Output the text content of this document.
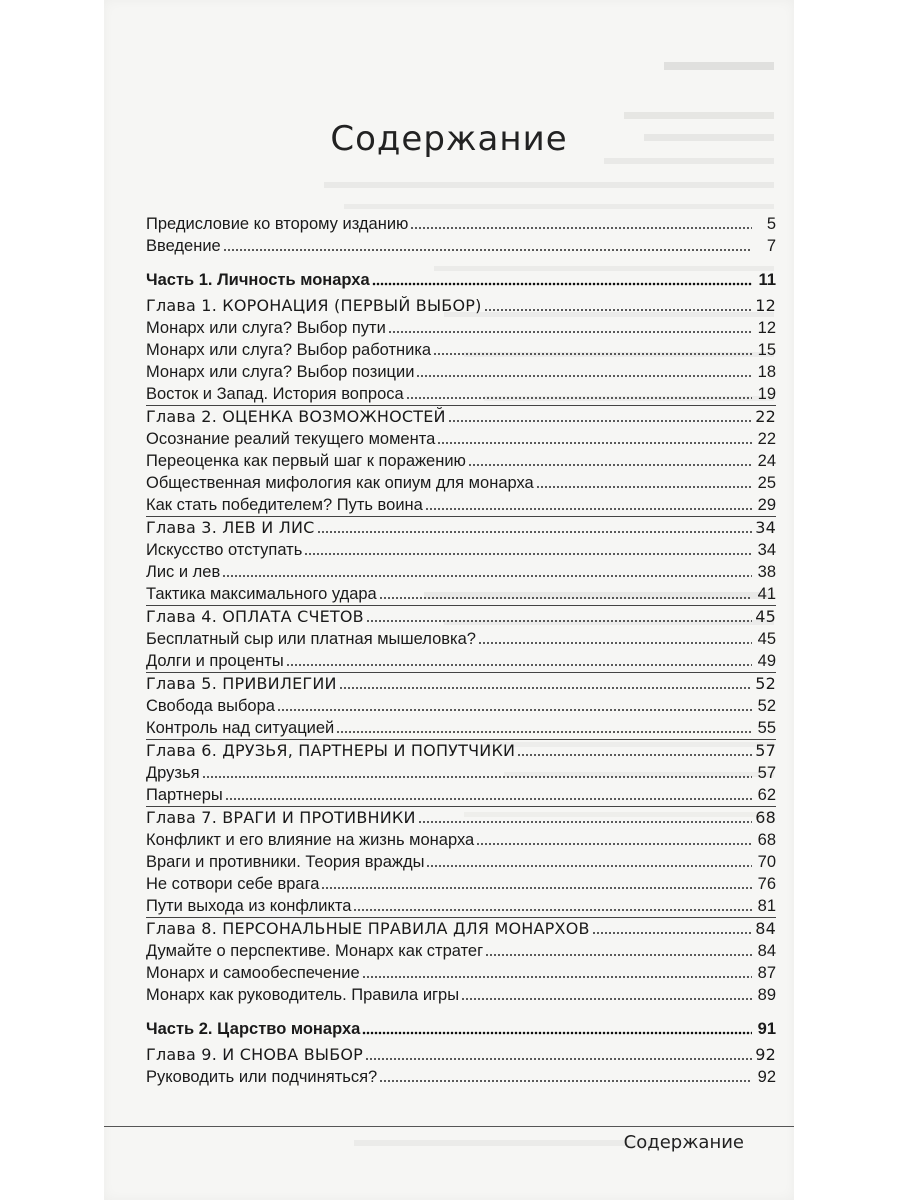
Содержание
Предисловие ко второму изданию	5
Введение	7
Часть 1. Личность монарха	11
Глава 1. КОРОНАЦИЯ (ПЕРВЫЙ ВЫБОР)	12
Монарх или слуга? Выбор пути	12
Монарх или слуга? Выбор работника	15
Монарх или слуга? Выбор позиции	18
Восток и Запад. История вопроса	19
Глава 2. ОЦЕНКА ВОЗМОЖНОСТЕЙ	22
Осознание реалий текущего момента	22
Переоценка как первый шаг к поражению	24
Общественная мифология как опиум для монарха	25
Как стать победителем? Путь воина	29
Глава 3. ЛЕВ И ЛИС	34
Искусство отступать	34
Лис и лев	38
Тактика максимального удара	41
Глава 4. ОПЛАТА СЧЕТОВ	45
Бесплатный сыр или платная мышеловка?	45
Долги и проценты	49
Глава 5. ПРИВИЛЕГИИ	52
Свобода выбора	52
Контроль над ситуацией	55
Глава 6. ДРУЗЬЯ, ПАРТНЕРЫ И ПОПУТЧИКИ	57
Друзья	57
Партнеры	62
Глава 7. ВРАГИ И ПРОТИВНИКИ	68
Конфликт и его влияние на жизнь монарха	68
Враги и противники. Теория вражды	70
Не сотвори себе врага	76
Пути выхода из конфликта	81
Глава 8. ПЕРСОНАЛЬНЫЕ ПРАВИЛА ДЛЯ МОНАРХОВ	84
Думайте о перспективе. Монарх как стратег	84
Монарх и самообеспечение	87
Монарх как руководитель. Правила игры	89
Часть 2. Царство монарха	91
Глава 9. И СНОВА ВЫБОР	92
Руководить или подчиняться?	92
Содержание
